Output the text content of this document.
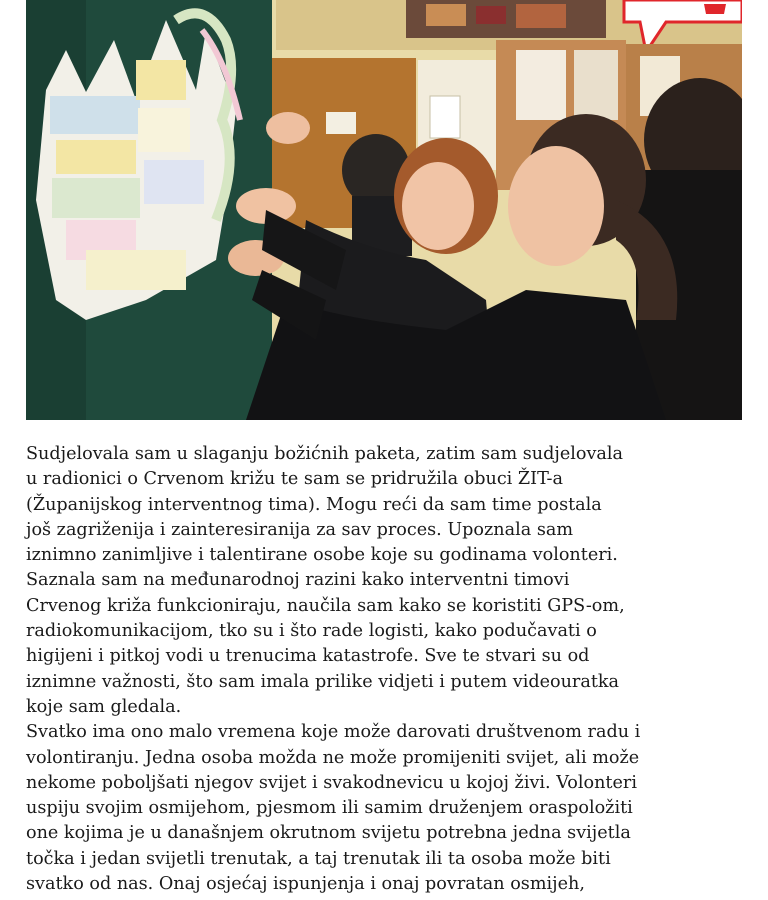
Sudjelovala sam u slaganju božićnih paketa, zatim sam sudjelovala
u radionici o Crvenom križu te sam se pridružila obuci ŽIT-a
(Županijskog interventnog tima). Mogu reći da sam time postala
još zagriženija i zainteresiranija za sav proces. Upoznala sam
iznimno zanimljive i talentirane osobe koje su godinama volonteri.
Saznala sam na međunarodnoj razini kako interventni timovi
Crvenog križa funkcioniraju, naučila sam kako se koristiti GPS-om,
radiokomunikacijom, tko su i što rade logisti, kako podučavati o
higijeni i pitkoj vodi u trenucima katastrofe. Sve te stvari su od
iznimne važnosti, što sam imala prilike vidjeti i putem videouratka
koje sam gledala.
Svatko ima ono malo vremena koje može darovati društvenom radu i
volontiranju. Jedna osoba možda ne može promijeniti svijet, ali može
nekome poboljšati njegov svijet i svakodnevicu u kojoj živi. Volonteri
uspiju svojim osmijehom, pjesmom ili samim druženjem oraspoložiti
one kojima je u današnjem okrutnom svijetu potrebna jedna svijetla
točka i jedan svijetli trenutak, a taj trenutak ili ta osoba može biti
svatko od nas. Onaj osjećaj ispunjenja i onaj povratan osmijeh,
